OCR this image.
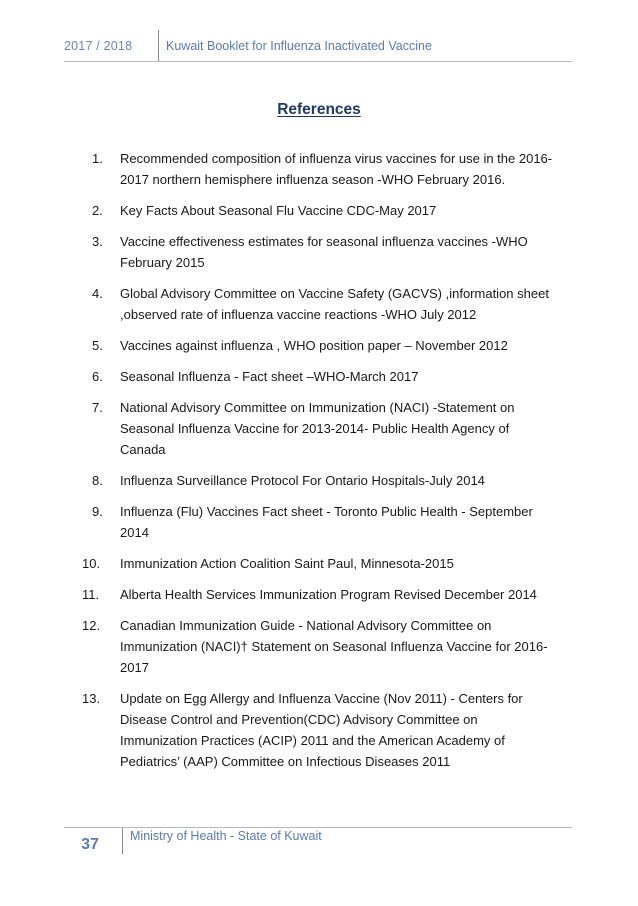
2017 / 2018	Kuwait Booklet for Influenza Inactivated Vaccine
References
1.	Recommended composition of influenza virus vaccines for use in the 2016-2017 northern hemisphere influenza season -WHO February 2016.
2.	Key Facts About Seasonal Flu Vaccine CDC-May 2017
3.	Vaccine effectiveness estimates for seasonal influenza vaccines -WHO February 2015
4.	Global Advisory Committee on Vaccine Safety (GACVS) ,information sheet ,observed rate of influenza vaccine reactions -WHO July 2012
5.	Vaccines against influenza , WHO position paper – November 2012
6.	Seasonal Influenza - Fact sheet –WHO-March 2017
7.	National Advisory Committee on Immunization (NACI) -Statement on Seasonal Influenza Vaccine for 2013-2014- Public Health Agency of Canada
8.	Influenza Surveillance Protocol For Ontario Hospitals-July 2014
9.	Influenza (Flu) Vaccines Fact sheet - Toronto Public Health - September 2014
10.	Immunization Action Coalition Saint Paul, Minnesota-2015
11.	Alberta Health Services Immunization Program Revised December 2014
12.	Canadian Immunization Guide - National Advisory Committee on Immunization (NACI)† Statement on Seasonal Influenza Vaccine for 2016-2017
13.	Update on Egg Allergy and Influenza Vaccine (Nov 2011) - Centers for Disease Control and Prevention(CDC) Advisory Committee on Immunization Practices (ACIP) 2011 and the American Academy of Pediatrics’ (AAP) Committee on Infectious Diseases 2011
37	Ministry of Health - State of Kuwait
